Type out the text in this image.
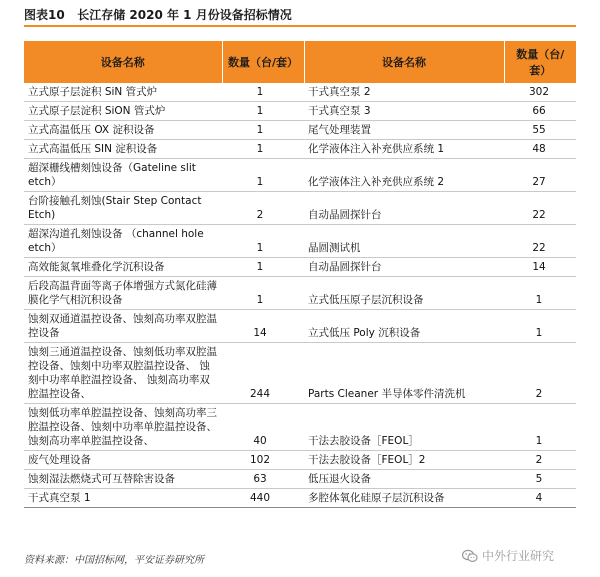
图表10 长江存储 2020 年 1 月份设备招标情况
设备名称	数量（台/套）	设备名称	数量（台/套）
立式原子层淀积 SiN 管式炉	1	干式真空泵 2	302
立式原子层淀积 SiON 管式炉	1	干式真空泵 3	66
立式高温低压 OX 淀积设备	1	尾气处理装置	55
立式高温低压 SIN 淀积设备	1	化学液体注入补充供应系统 1	48
超深栅线槽刻蚀设备（Gateline slit etch）	1	化学液体注入补充供应系统 2	27
台阶接触孔刻蚀(Stair Step Contact Etch)	2	自动晶圆探针台	22
超深沟道孔刻蚀设备 （channel hole etch）	1	晶圆测试机	22
高效能氮氧堆叠化学沉积设备	1	自动晶圆探针台	14
后段高温背面等离子体增强方式氮化硅薄膜化学气相沉积设备	1	立式低压原子层沉积设备	1
蚀刻双通道温控设备、蚀刻高功率双腔温控设备	14	立式低压 Poly 沉积设备	1
蚀刻三通道温控设备、蚀刻低功率双腔温控设备、蚀刻中功率双腔温控设备、 蚀刻中功率单腔温控设备、 蚀刻高功率双腔温控设备、	244	Parts Cleaner 半导体零件清洗机	2
蚀刻低功率单腔温控设备、蚀刻高功率三腔温控设备、蚀刻中功率单腔温控设备、 蚀刻高功率单腔温控设备、	40	干法去胶设备［FEOL］	1
废气处理设备	102	干法去胶设备［FEOL］2	2
蚀刻湿法燃烧式可互替除害设备	63	低压退火设备	5
干式真空泵 1	440	多腔体氧化硅原子层沉积设备	4
资料来源：中国招标网，平安证券研究所	中外行业研究
